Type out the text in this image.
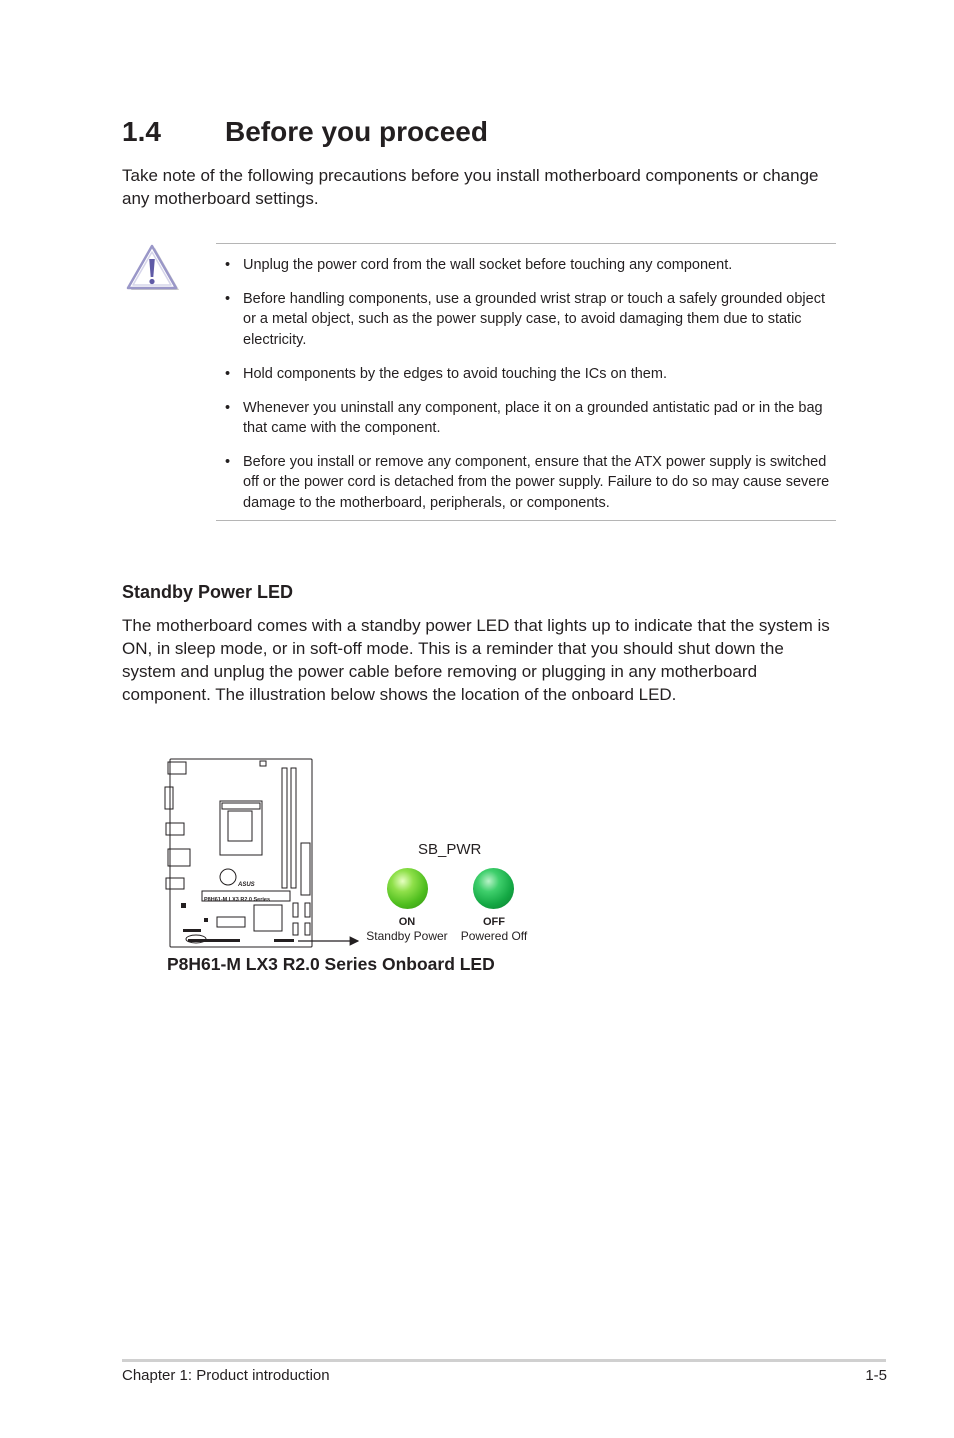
1.4 Before you proceed

Take note of the following precautions before you install motherboard components or change any motherboard settings.

• Unplug the power cord from the wall socket before touching any component.
• Before handling components, use a grounded wrist strap or touch a safely grounded object or a metal object, such as the power supply case, to avoid damaging them due to static electricity.
• Hold components by the edges to avoid touching the ICs on them.
• Whenever you uninstall any component, place it on a grounded antistatic pad or in the bag that came with the component.
• Before you install or remove any component, ensure that the ATX power supply is switched off or the power cord is detached from the power supply. Failure to do so may cause severe damage to the motherboard, peripherals, or components.
Standby Power LED

The motherboard comes with a standby power LED that lights up to indicate that the system is ON, in sleep mode, or in soft-off mode. This is a reminder that you should shut down the system and unplug the power cable before removing or plugging in any motherboard component. The illustration below shows the location of the onboard LED.

ASUS
P8H61-M LX3 R2.0 Series
SB_PWR
ON	OFF
Standby Power	Powered Off
P8H61-M LX3 R2.0 Series Onboard LED
Chapter 1: Product introduction	1-5
